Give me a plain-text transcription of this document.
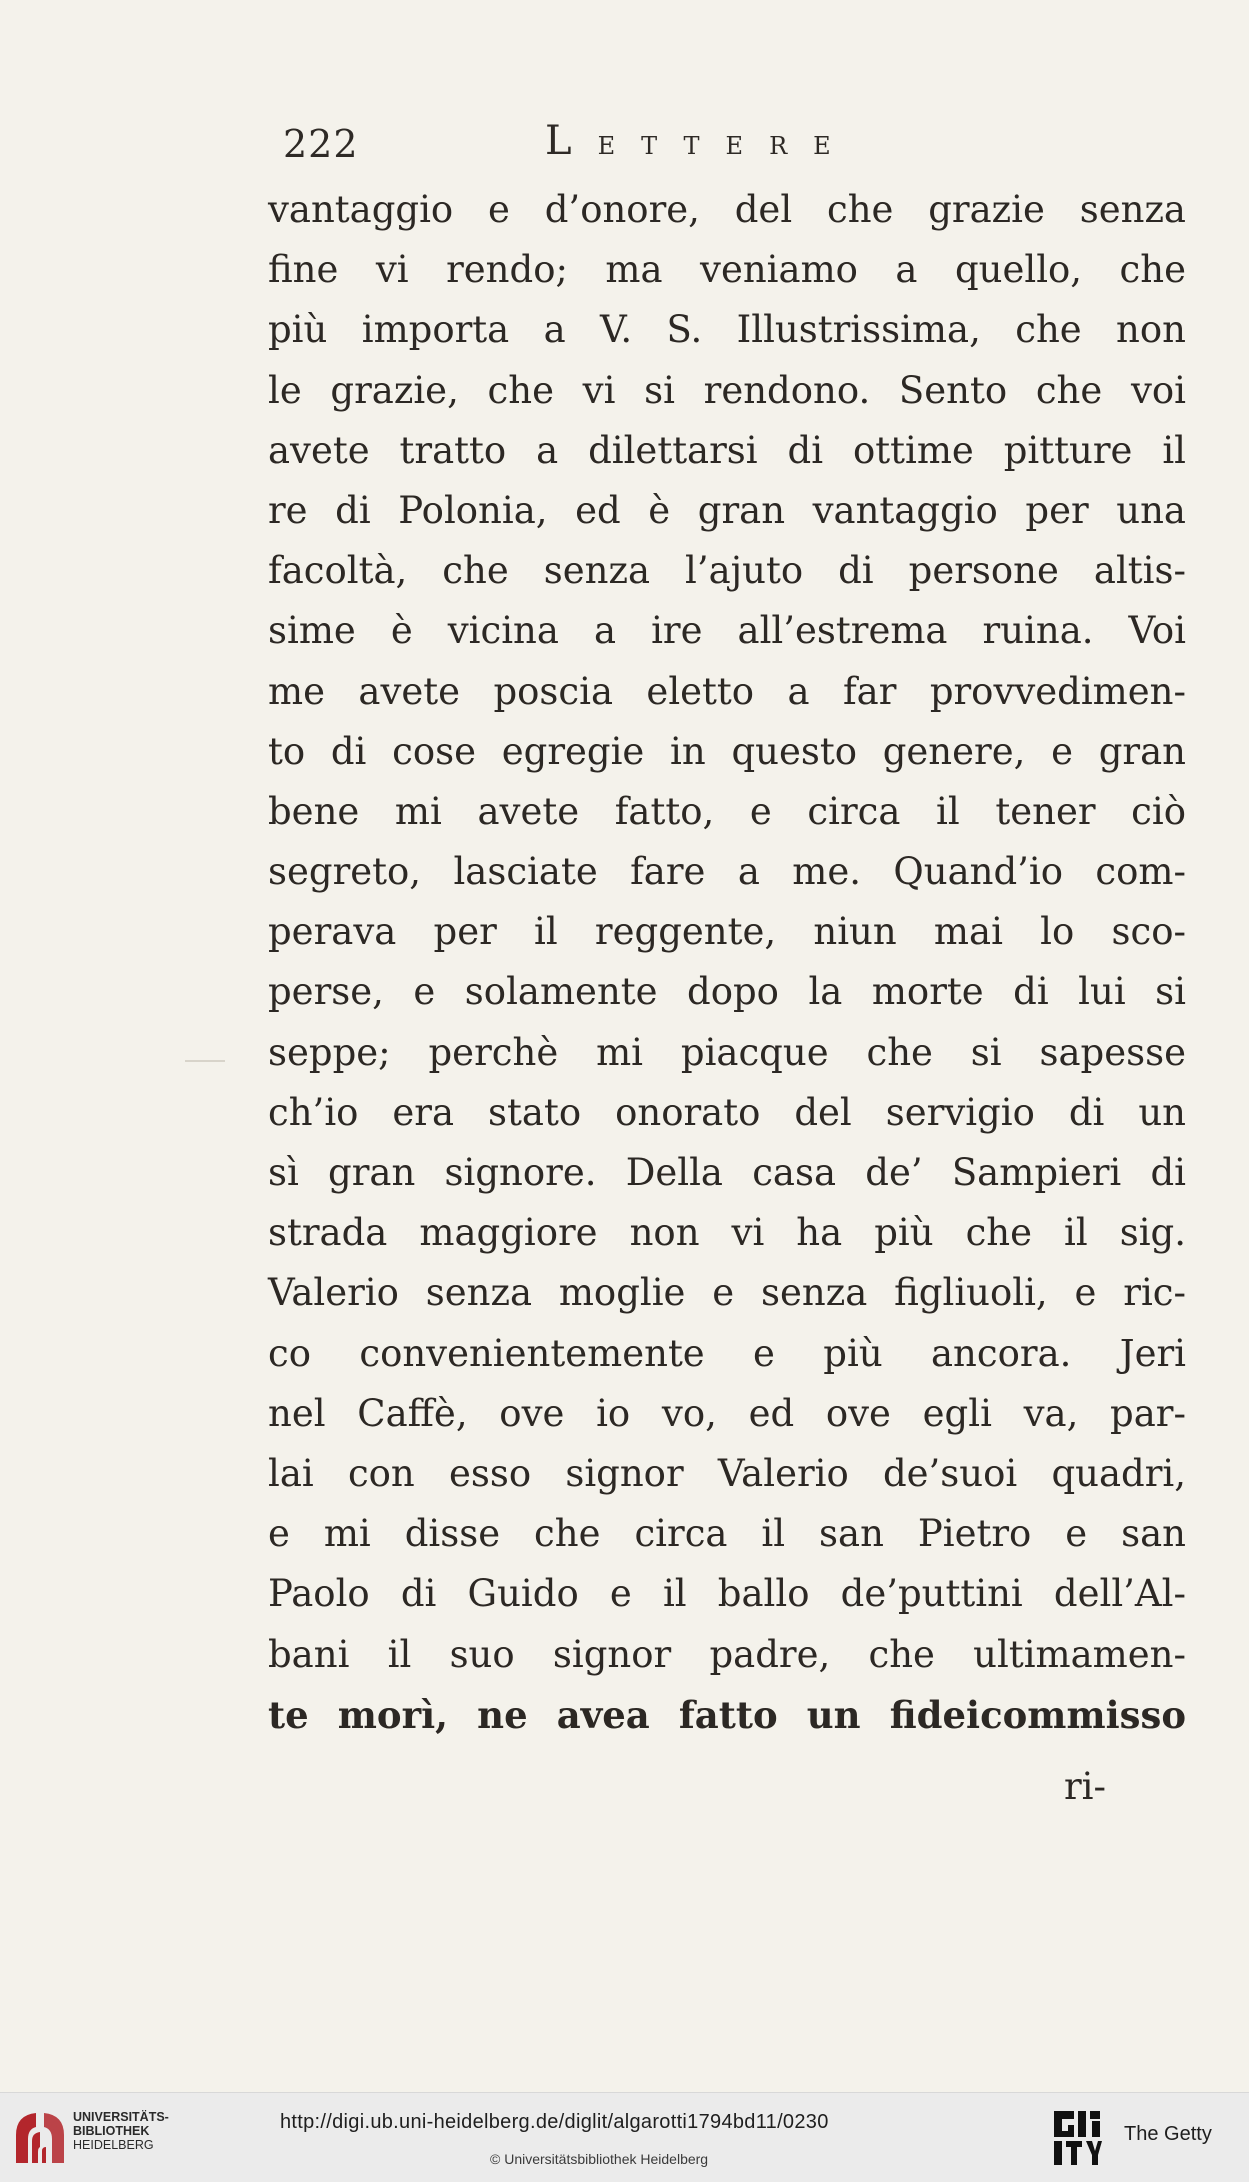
222	LETTERE
vantaggio e d’onore, del che grazie senza
fine vi rendo; ma veniamo a quello, che
più importa a V. S. Illustrissima, che non
le grazie, che vi si rendono. Sento che voi
avete tratto a dilettarsi di ottime pitture il
re di Polonia, ed è gran vantaggio per una
facoltà, che senza l’ajuto di persone altis-
sime è vicina a ire all’estrema ruina. Voi
me avete poscia eletto a far provvedimen-
to di cose egregie in questo genere, e gran
bene mi avete fatto, e circa il tener ciò
segreto, lasciate fare a me. Quand’io com-
perava per il reggente, niun mai lo sco-
perse, e solamente dopo la morte di lui si
seppe; perchè mi piacque che si sapesse
ch’io era stato onorato del servigio di un
sì gran signore. Della casa de’ Sampieri di
strada maggiore non vi ha più che il sig.
Valerio senza moglie e senza figliuoli, e ric-
co convenientemente e più ancora. Jeri
nel Caffè, ove io vo, ed ove egli va, par-
lai con esso signor Valerio de’suoi quadri,
e mi disse che circa il san Pietro e san
Paolo di Guido e il ballo de’puttini dell’Al-
bani il suo signor padre, che ultimamen-
te morì, ne avea fatto un fideicommisso
ri-
UNIVERSITÄTS-
BIBLIOTHEK
HEIDELBERG
http://digi.ub.uni-heidelberg.de/diglit/algarotti1794bd11/0230
© Universitätsbibliothek Heidelberg
The Getty
